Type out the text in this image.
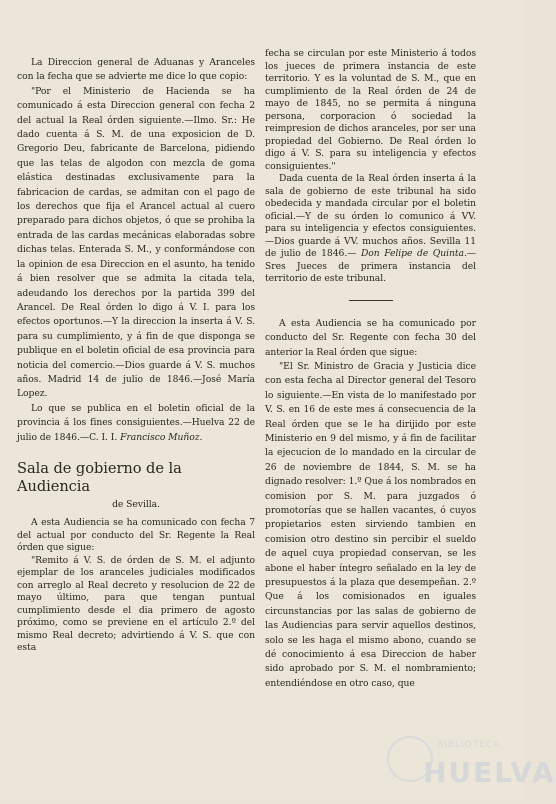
La Direccion general de Aduanas y Aranceles con la fecha que se advierte me dice lo que copio:

"Por el Ministerio de Hacienda se ha comunicado á esta Direccion general con fecha 2 del actual la Real órden siguiente.—Ilmo. Sr.: He dado cuenta á S. M. de una exposicion de D. Gregorio Deu, fabricante de Barcelona, pidiendo que las telas de algodon con mezcla de goma elástica destinadas exclusivamente para la fabricacion de cardas, se admitan con el pago de los derechos que fija el Arancel actual al cuero preparado para dichos objetos, ó que se prohiba la entrada de las cardas mecánicas elaboradas sobre dichas telas. Enterada S. M., y conformándose con la opinion de esa Direccion en el asunto, ha tenido á bien resolver que se admita la citada tela, adeudando los derechos por la partida 399 del Arancel. De Real órden lo digo á V. I. para los efectos oportunos.—Y la direccion la inserta á V. S. para su cumplimiento, y á fin de que disponga se publique en el boletin oficial de esa provincia para noticia del comercio.—Dios guarde á V. S. muchos años. Madrid 14 de julio de 1846.—José María Lopez.

Lo que se publica en el boletin oficial de la provincia á los fines consiguientes.—Huelva 22 de julio de 1846.—C. I. I. Francisco Muñoz.

Sala de gobierno de la Audiencia
de Sevilla.

A esta Audiencia se ha comunicado con fecha 7 del actual por conducto del Sr. Regente la Real órden que sigue:

"Remito á V. S. de órden de S. M. el adjunto ejemplar de los aranceles judiciales modificados con arreglo al Real decreto y resolucion de 22 de mayo último, para que tengan puntual cumplimiento desde el dia primero de agosto próximo, como se previene en el artículo 2.º del mismo Real decreto; advirtiendo á V. S. que con esta

fecha se circulan por este Ministerio á todos los jueces de primera instancia de este territorio. Y es la voluntad de S. M., que en cumplimiento de la Real órden de 24 de mayo de 1845, no se permita á ninguna persona, corporacion ó sociedad la reimpresion de dichos aranceles, por ser una propiedad del Gobierno. De Real órden lo digo á V. S. para su inteligencia y efectos consiguientes."

Dada cuenta de la Real órden inserta á la sala de gobierno de este tribunal ha sido obedecida y mandada circular por el boletin oficial.—Y de su órden lo comunico á VV. para su inteligencia y efectos consiguientes.—Dios guarde á VV. muchos años. Sevilla 11 de julio de 1846.— Don Felipe de Quinta.—Sres Jueces de primera instancia del territorio de este tribunal.

A esta Audiencia se ha comunicado por conducto del Sr. Regente con fecha 30 del anterior la Real órden que sigue:

"El Sr. Ministro de Gracia y Justicia dice con esta fecha al Director general del Tesoro lo siguiente.—En vista de lo manifestado por V. S. en 16 de este mes á consecuencia de la Real órden que se le ha dirijido por este Ministerio en 9 del mismo, y á fin de facilitar la ejecucion de lo mandado en la circular de 26 de noviembre de 1844, S. M. se ha dignado resolver: 1.º Que á los nombrados en comision por S. M. para juzgados ó promotorías que se hallen vacantes, ó cuyos propietarios esten sirviendo tambien en comision otro destino sin percibir el sueldo de aquel cuya propiedad conservan, se les abone el haber íntegro señalado en la ley de presupuestos á la plaza que desempeñan. 2.º Que á los comisionados en iguales circunstancias por las salas de gobierno de las Audiencias para servir aquellos destinos, solo se les haga el mismo abono, cuando se dé conocimiento á esa Direccion de haber sido aprobado por S. M. el nombramiento; entendiéndose en otro caso, que

BIBLIOTECA
HUELVA
